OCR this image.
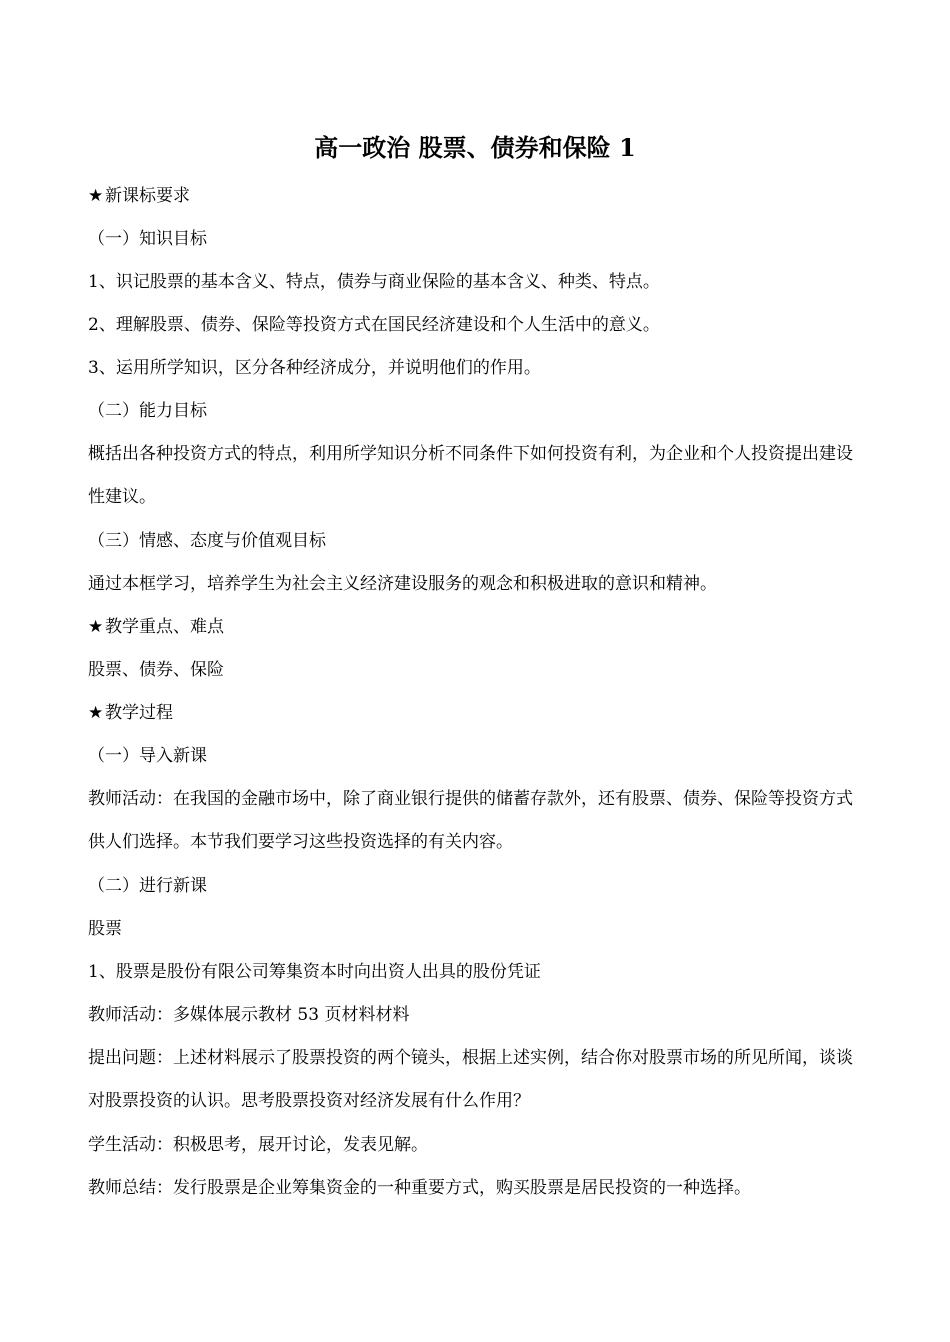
高一政治 股票、债券和保险 1
★ 新课标要求
（一）知识目标
1、识记股票的基本含义、特点，债券与商业保险的基本含义、种类、特点。
2、理解股票、债券、保险等投资方式在国民经济建设和个人生活中的意义。
3、运用所学知识，区分各种经济成分，并说明他们的作用。
（二）能力目标
概括出各种投资方式的特点，利用所学知识分析不同条件下如何投资有利，为企业和个人投资提出建设性建议。
（三）情感、态度与价值观目标
通过本框学习，培养学生为社会主义经济建设服务的观念和积极进取的意识和精神。
★ 教学重点、难点
股票、债券、保险
★ 教学过程
（一）导入新课
教师活动：在我国的金融市场中，除了商业银行提供的储蓄存款外，还有股票、债券、保险等投资方式供人们选择。本节我们要学习这些投资选择的有关内容。
（二）进行新课
股票
1、股票是股份有限公司筹集资本时向出资人出具的股份凭证
教师活动：多媒体展示教材 53 页材料材料
提出问题：上述材料展示了股票投资的两个镜头，根据上述实例，结合你对股票市场的所见所闻，谈谈对股票投资的认识。思考股票投资对经济发展有什么作用？
学生活动：积极思考，展开讨论，发表见解。
教师总结：发行股票是企业筹集资金的一种重要方式，购买股票是居民投资的一种选择。
